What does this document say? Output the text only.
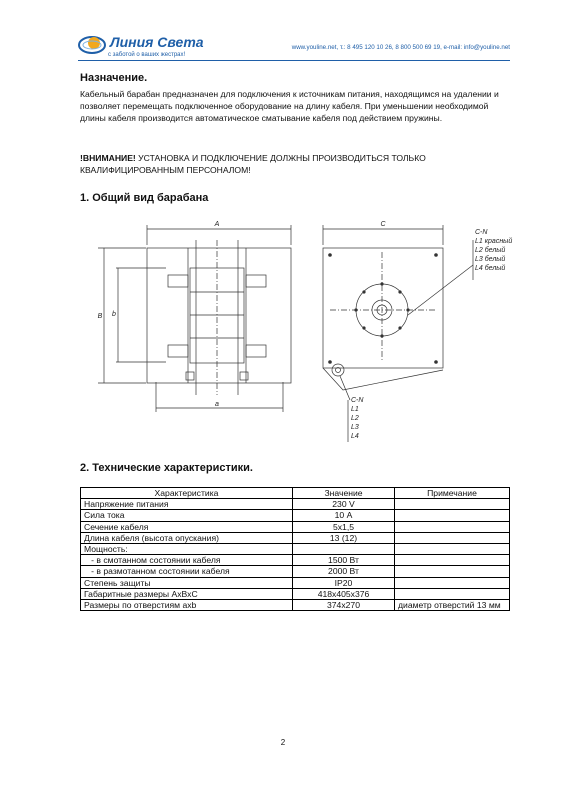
Линия Света
с заботой о ваших жестрах!
www.youline.net, т.: 8 495 120 10 26, 8 800 500 69 19, e-mail: info@youline.net
Назначение.
Кабельный барабан предназначен для подключения к источникам питания, находящимся на удалении и позволяет перемещать подключенное оборудование на длину кабеля. При уменьшении необходимой длины кабеля производится автоматическое сматывание кабеля под действием пружины.
!ВНИМАНИЕ! УСТАНОВКА И ПОДКЛЮЧЕНИЕ ДОЛЖНЫ ПРОИЗВОДИТЬСЯ ТОЛЬКО КВАЛИФИЦИРОВАННЫМ ПЕРСОНАЛОМ!
1. Общий вид барабана
A	C
B b
a
C-N
L1 красный
L2 белый
L3 белый
L4 белый
C-N
L1
L2
L3
L4
2. Технические характеристики.
Характеристика	Значение	Примечание
Напряжение питания	230 V	
Сила тока	10 А	
Сечение кабеля	5x1,5	
Длина кабеля (высота опускания)	13 (12)	
Мощность:		
- в смотанном состоянии кабеля	1500 Вт	
- в размотанном состоянии кабеля	2000 Вт	
Степень защиты	IP20	
Габаритные размеры АхВхС	418x405x376	
Размеры по отверстиям axb	374x270	диаметр отверстий 13 мм
2
